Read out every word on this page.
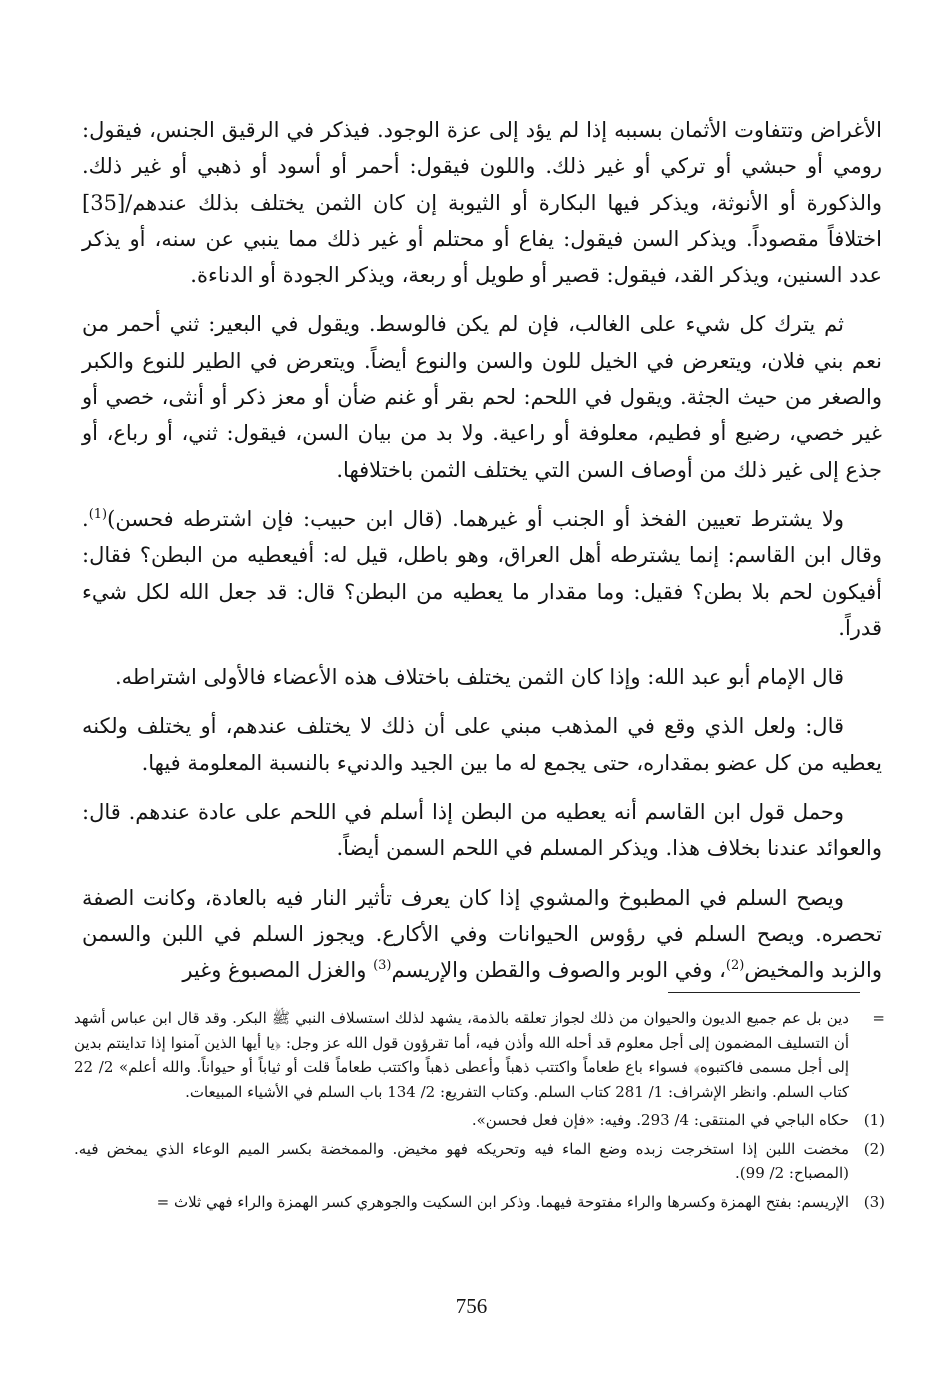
الأغراض وتتفاوت الأثمان بسببه إذا لم يؤد إلى عزة الوجود. فيذكر في الرقيق الجنس، فيقول: رومي أو حبشي أو تركي أو غير ذلك. واللون فيقول: أحمر أو أسود أو ذهبي أو غير ذلك. والذكورة أو الأنوثة، ويذكر فيها البكارة أو الثيوبة إن كان الثمن يختلف بذلك عندهم/[35] اختلافاً مقصوداً. ويذكر السن فيقول: يفاع أو محتلم أو غير ذلك مما ينبي عن سنه، أو يذكر عدد السنين، ويذكر القد، فيقول: قصير أو طويل أو ربعة، ويذكر الجودة أو الدناءة.

ثم يترك كل شيء على الغالب، فإن لم يكن فالوسط. ويقول في البعير: ثني أحمر من نعم بني فلان، ويتعرض في الخيل للون والسن والنوع أيضاً. ويتعرض في الطير للنوع والكبر والصغر من حيث الجثة. ويقول في اللحم: لحم بقر أو غنم ضأن أو معز ذكر أو أنثى، خصي أو غير خصي، رضيع أو فطيم، معلوفة أو راعية. ولا بد من بيان السن، فيقول: ثني، أو رباع، أو جذع إلى غير ذلك من أوصاف السن التي يختلف الثمن باختلافها.

ولا يشترط تعيين الفخذ أو الجنب أو غيرهما. (قال ابن حبيب: فإن اشترطه فحسن)$^{(1)}$. وقال ابن القاسم: إنما يشترطه أهل العراق، وهو باطل، قيل له: أفيعطيه من البطن؟ فقال: أفيكون لحم بلا بطن؟ فقيل: وما مقدار ما يعطيه من البطن؟ قال: قد جعل الله لكل شيء قدراً.

قال الإمام أبو عبد الله: وإذا كان الثمن يختلف باختلاف هذه الأعضاء فالأولى اشتراطه.

قال: ولعل الذي وقع في المذهب مبني على أن ذلك لا يختلف عندهم، أو يختلف ولكنه يعطيه من كل عضو بمقداره، حتى يجمع له ما بين الجيد والدنيء بالنسبة المعلومة فيها.

وحمل قول ابن القاسم أنه يعطيه من البطن إذا أسلم في اللحم على عادة عندهم. قال: والعوائد عندنا بخلاف هذا. ويذكر المسلم في اللحم السمن أيضاً.

ويصح السلم في المطبوخ والمشوي إذا كان يعرف تأثير النار فيه بالعادة، وكانت الصفة تحصره. ويصح السلم في رؤوس الحيوانات وفي الأكارع. ويجوز السلم في اللبن والسمن والزبد والمخيض$^{(2)}$، وفي الوبر والصوف والقطن والإريسم$^{(3)}$ والغزل المصبوغ وغير

=
دين بل عم جميع الديون والحيوان من ذلك لجواز تعلقه بالذمة، يشهد لذلك استسلاف النبي ﷺ البكر. وقد قال ابن عباس أشهد أن التسليف المضمون إلى أجل معلوم قد أحله الله وأذن فيه، أما تقرؤون قول الله عز وجل: ﴿يا أيها الذين آمنوا إذا تداينتم بدين إلى أجل مسمى فاكتبوه﴾ فسواء باع طعاماً واكتتب ذهباً وأعطى ذهباً واكتتب طعاماً قلت أو ثياباً أو حيواناً. والله أعلم» 2/ 22 كتاب السلم. وانظر الإشراف: 1/ 281 كتاب السلم. وكتاب التفريع: 2/ 134 باب السلم في الأشياء المبيعات.
(1)
حكاه الباجي في المنتقى: 4/ 293. وفيه: «فإن فعل فحسن».
(2)
مخضت اللبن إذا استخرجت زبده وضع الماء فيه وتحريكه فهو مخيض. والممخضة بكسر الميم الوعاء الذي يمخض فيه. (المصباح: 2/ 99).
(3)
الإريسم: بفتح الهمزة وكسرها والراء مفتوحة فيهما. وذكر ابن السكيت والجوهري كسر الهمزة والراء فهي ثلاث =
756
